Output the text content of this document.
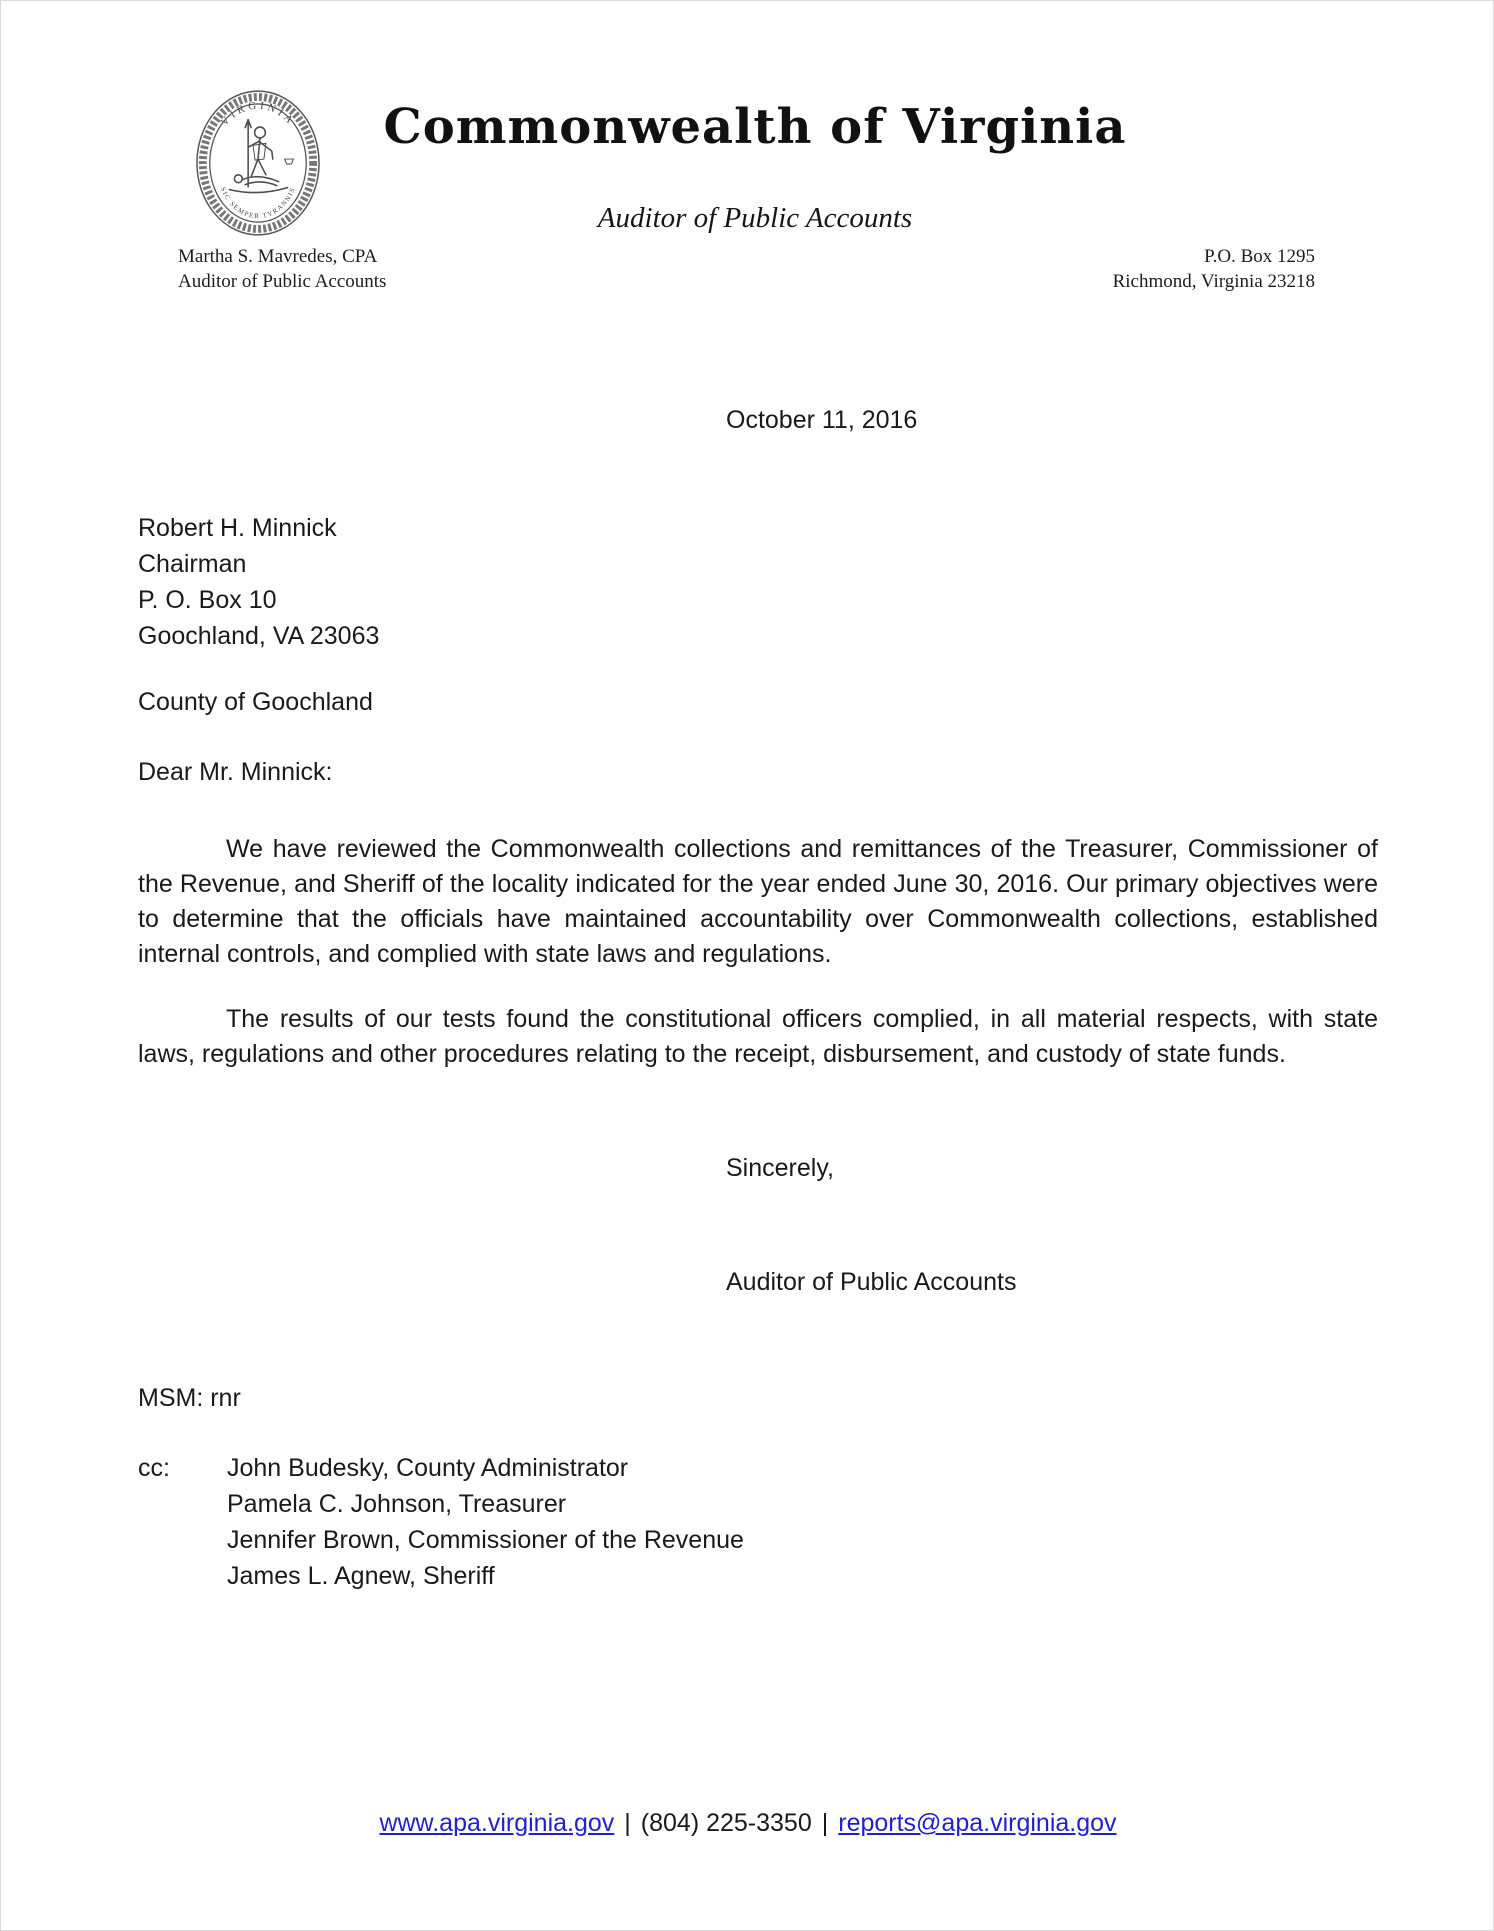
VIRGINIA
SIC SEMPER TYRANNIS
Commonwealth of Virginia
Auditor of Public Accounts
Martha S. Mavredes, CPA
Auditor of Public Accounts
P.O. Box 1295
Richmond, Virginia 23218
October 11, 2016
Robert H. Minnick
Chairman
P. O. Box 10
Goochland, VA 23063
County of Goochland
Dear Mr. Minnick:
We have reviewed the Commonwealth collections and remittances of the Treasurer, Commissioner of the Revenue, and Sheriff of the locality indicated for the year ended June 30, 2016. Our primary objectives were to determine that the officials have maintained accountability over Commonwealth collections, established internal controls, and complied with state laws and regulations.
The results of our tests found the constitutional officers complied, in all material respects, with state laws, regulations and other procedures relating to the receipt, disbursement, and custody of state funds.
Sincerely,
Auditor of Public Accounts
MSM: rnr
cc:	John Budesky, County Administrator
Pamela C. Johnson, Treasurer
Jennifer Brown, Commissioner of the Revenue
James L. Agnew, Sheriff
www.apa.virginia.gov | (804) 225-3350 | reports@apa.virginia.gov
